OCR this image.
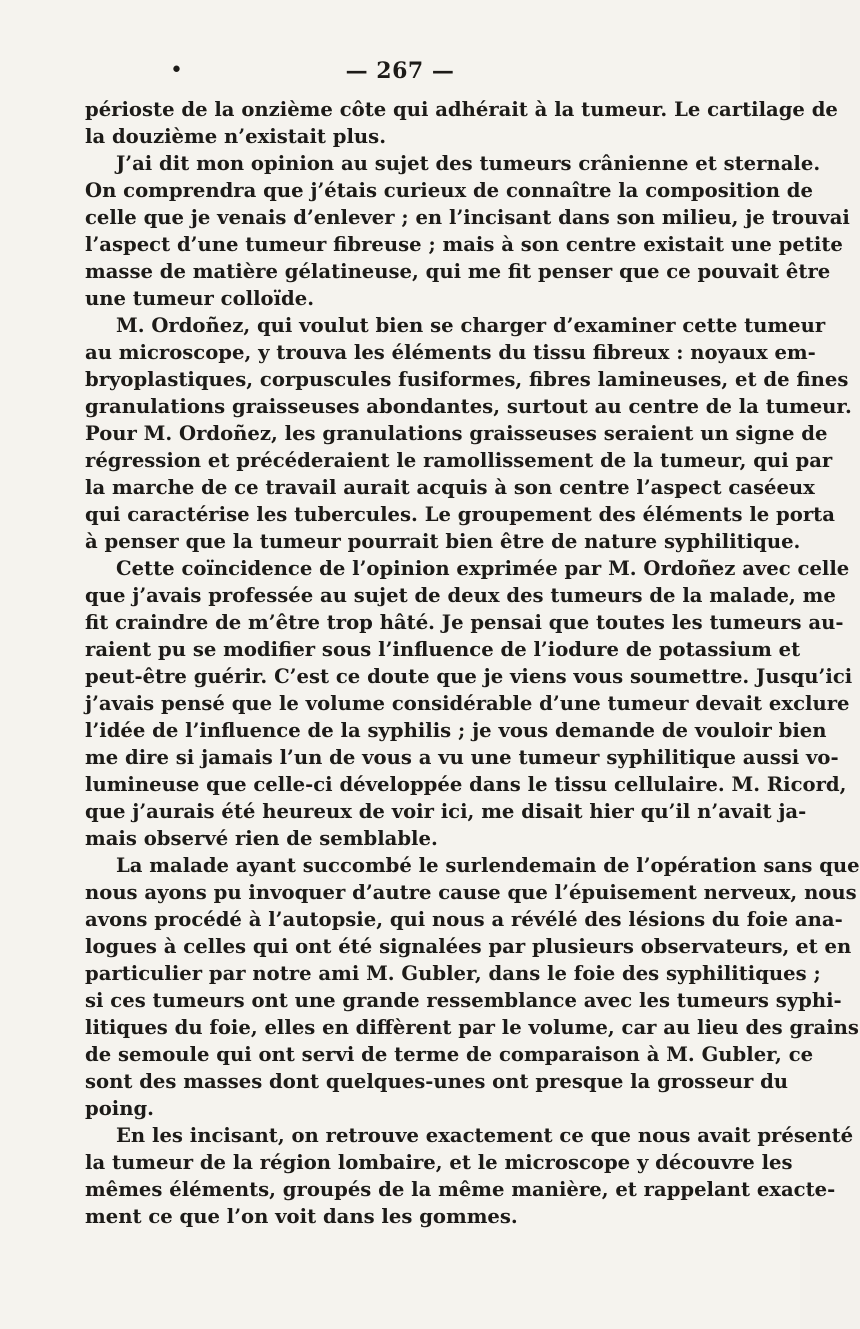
•	— 267 —
périoste de la onzième côte qui adhérait à la tumeur. Le cartilage de
la douzième n’existait plus.
J’ai dit mon opinion au sujet des tumeurs crânienne et sternale.
On comprendra que j’étais curieux de connaître la composition de
celle que je venais d’enlever ; en l’incisant dans son milieu, je trouvai
l’aspect d’une tumeur fibreuse ; mais à son centre existait une petite
masse de matière gélatineuse, qui me fit penser que ce pouvait être
une tumeur colloïde.
M. Ordoñez, qui voulut bien se charger d’examiner cette tumeur
au microscope, y trouva les éléments du tissu fibreux : noyaux em-
bryoplastiques, corpuscules fusiformes, fibres lamineuses, et de fines
granulations graisseuses abondantes, surtout au centre de la tumeur.
Pour M. Ordoñez, les granulations graisseuses seraient un signe de
régression et précéderaient le ramollissement de la tumeur, qui par
la marche de ce travail aurait acquis à son centre l’aspect caséeux
qui caractérise les tubercules. Le groupement des éléments le porta
à penser que la tumeur pourrait bien être de nature syphilitique.
Cette coïncidence de l’opinion exprimée par M. Ordoñez avec celle
que j’avais professée au sujet de deux des tumeurs de la malade, me
fit craindre de m’être trop hâté. Je pensai que toutes les tumeurs au-
raient pu se modifier sous l’influence de l’iodure de potassium et
peut-être guérir. C’est ce doute que je viens vous soumettre. Jusqu’ici
j’avais pensé que le volume considérable d’une tumeur devait exclure
l’idée de l’influence de la syphilis ; je vous demande de vouloir bien
me dire si jamais l’un de vous a vu une tumeur syphilitique aussi vo-
lumineuse que celle-ci développée dans le tissu cellulaire. M. Ricord,
que j’aurais été heureux de voir ici, me disait hier qu’il n’avait ja-
mais observé rien de semblable.
La malade ayant succombé le surlendemain de l’opération sans que
nous ayons pu invoquer d’autre cause que l’épuisement nerveux, nous
avons procédé à l’autopsie, qui nous a révélé des lésions du foie ana-
logues à celles qui ont été signalées par plusieurs observateurs, et en
particulier par notre ami M. Gubler, dans le foie des syphilitiques ;
si ces tumeurs ont une grande ressemblance avec les tumeurs syphi-
litiques du foie, elles en diffèrent par le volume, car au lieu des grains
de semoule qui ont servi de terme de comparaison à M. Gubler, ce
sont des masses dont quelques-unes ont presque la grosseur du
poing.
En les incisant, on retrouve exactement ce que nous avait présenté
la tumeur de la région lombaire, et le microscope y découvre les
mêmes éléments, groupés de la même manière, et rappelant exacte-
ment ce que l’on voit dans les gommes.
